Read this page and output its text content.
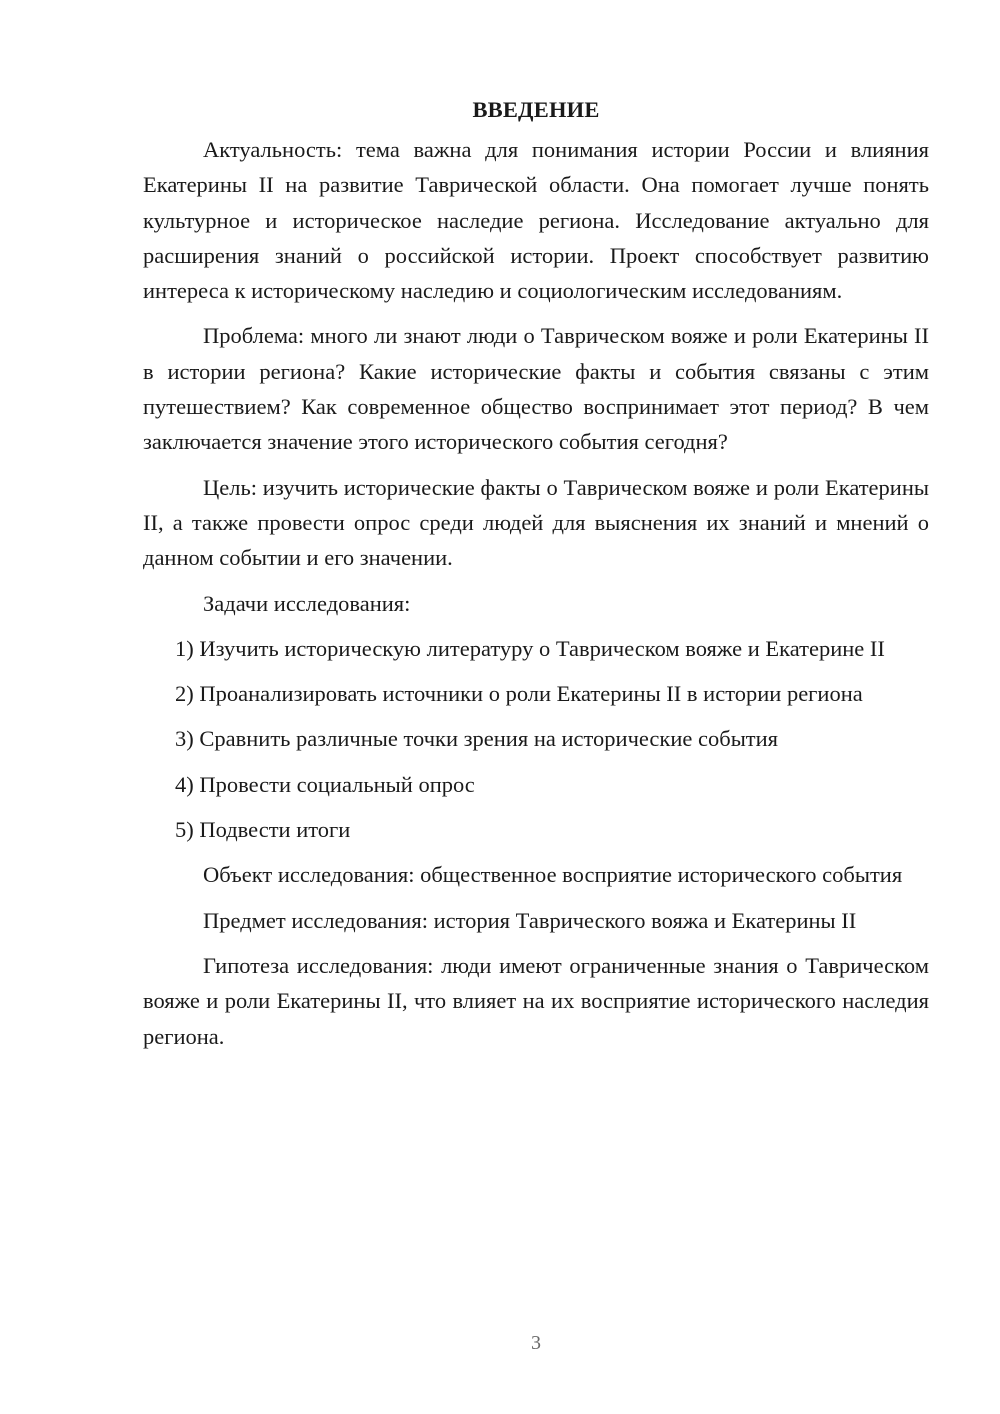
ВВЕДЕНИЕ

Актуальность: тема важна для понимания истории России и влияния Екатерины II на развитие Таврической области. Она помогает лучше понять культурное и историческое наследие региона. Исследование актуально для расширения знаний о российской истории. Проект способствует развитию интереса к историческому наследию и социологическим исследованиям.

Проблема: много ли знают люди о Таврическом вояже и роли Екатерины II в истории региона? Какие исторические факты и события связаны с этим путешествием? Как современное общество воспринимает этот период? В чем заключается значение этого исторического события сегодня?

Цель: изучить исторические факты о Таврическом вояже и роли Екатерины II, а также провести опрос среди людей для выяснения их знаний и мнений о данном событии и его значении.

Задачи исследования:

1) Изучить историческую литературу о Таврическом вояже и Екатерине II

2) Проанализировать источники о роли Екатерины II в истории региона

3) Сравнить различные точки зрения на исторические события

4) Провести социальный опрос

5) Подвести итоги

Объект исследования: общественное восприятие исторического события

Предмет исследования: история Таврического вояжа и Екатерины II

Гипотеза исследования: люди имеют ограниченные знания о Таврическом вояже и роли Екатерины II, что влияет на их восприятие исторического наследия региона.

3
